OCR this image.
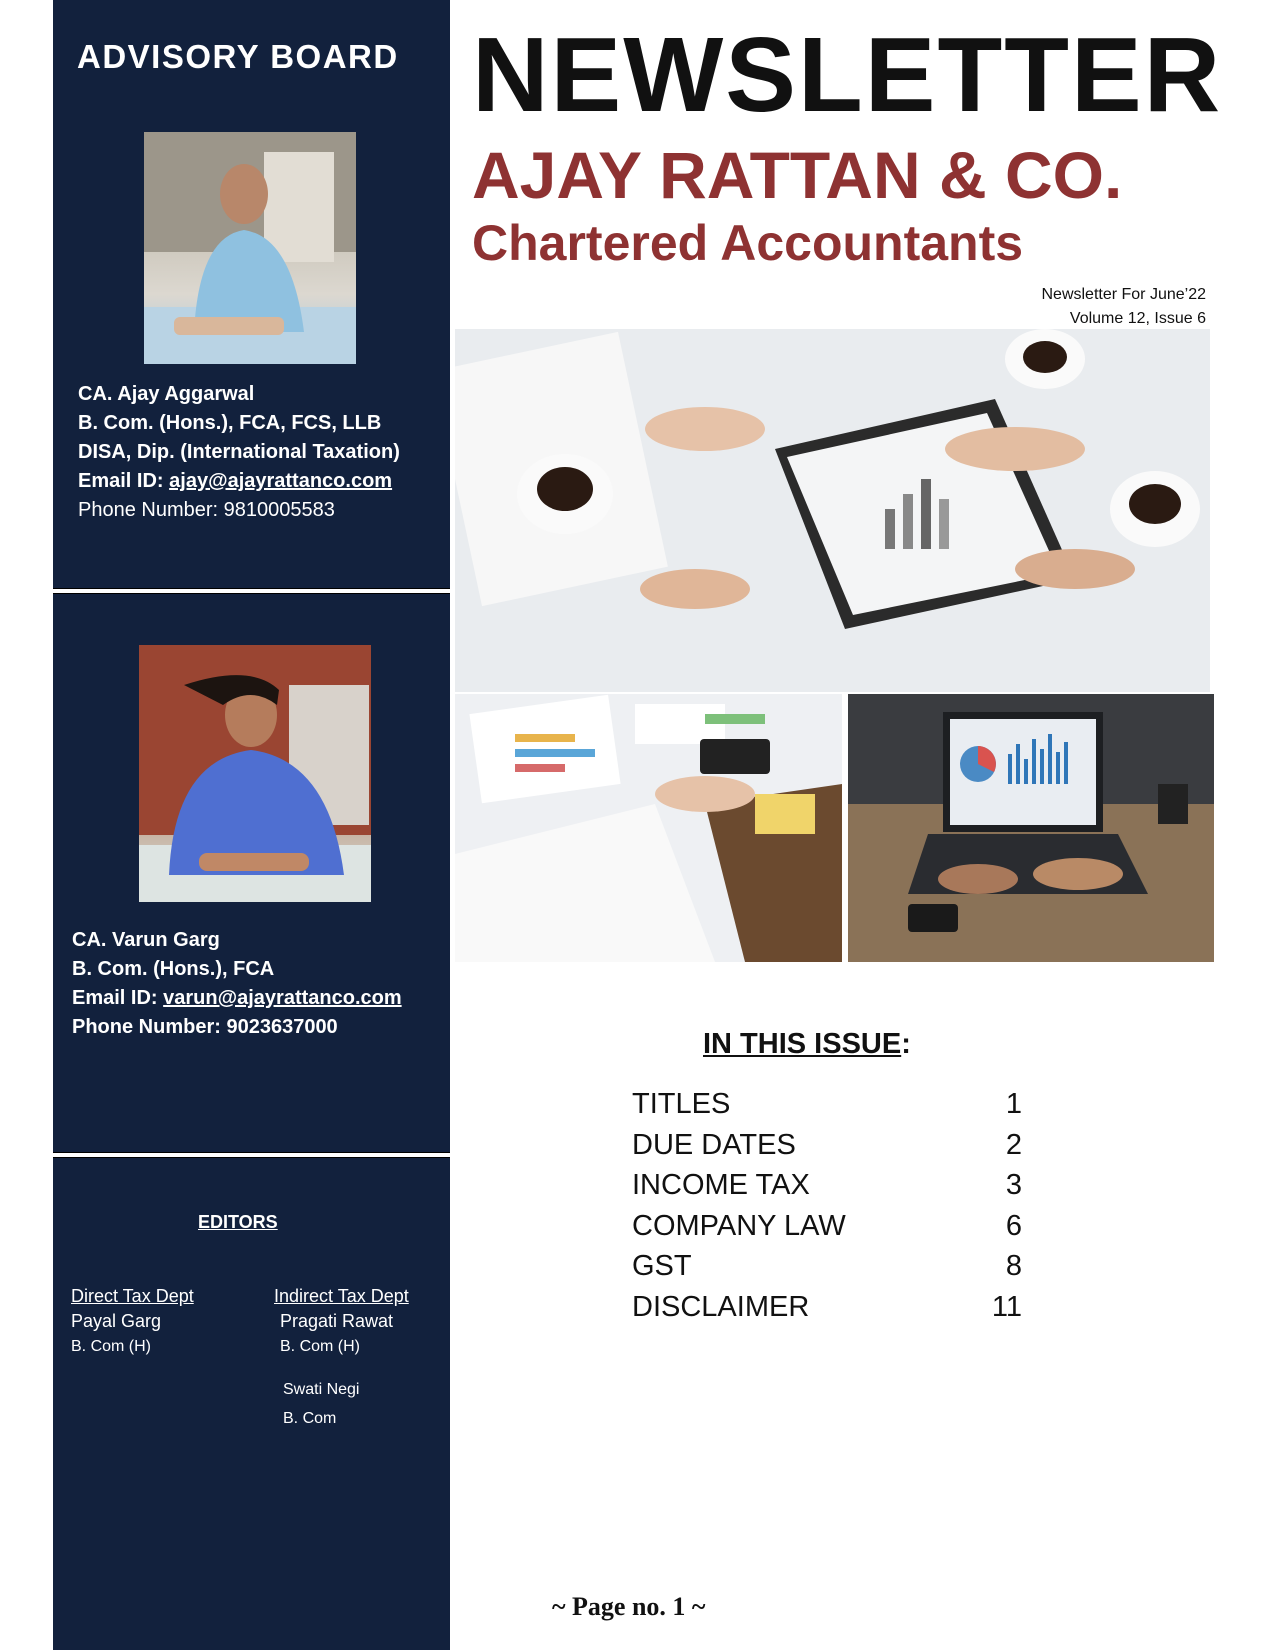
ADVISORY BOARD
CA. Ajay Aggarwal
B. Com. (Hons.), FCA, FCS, LLB
DISA, Dip. (International Taxation)
Email ID: ajay@ajayrattanco.com
Phone Number: 9810005583
CA. Varun Garg
B. Com. (Hons.), FCA
Email ID: varun@ajayrattanco.com
Phone Number: 9023637000
EDITORS
Direct Tax Dept
Payal Garg
B. Com (H)
Indirect Tax Dept
Pragati Rawat
B. Com (H)
Swati Negi
B. Com
NEWSLETTER
AJAY RATTAN & CO.
Chartered Accountants
Newsletter For June’22
Volume 12, Issue 6
IN THIS ISSUE:
TITLES	1
DUE DATES	2
INCOME TAX	3
COMPANY LAW	6
GST	8
DISCLAIMER	11
~ Page no. 1 ~
